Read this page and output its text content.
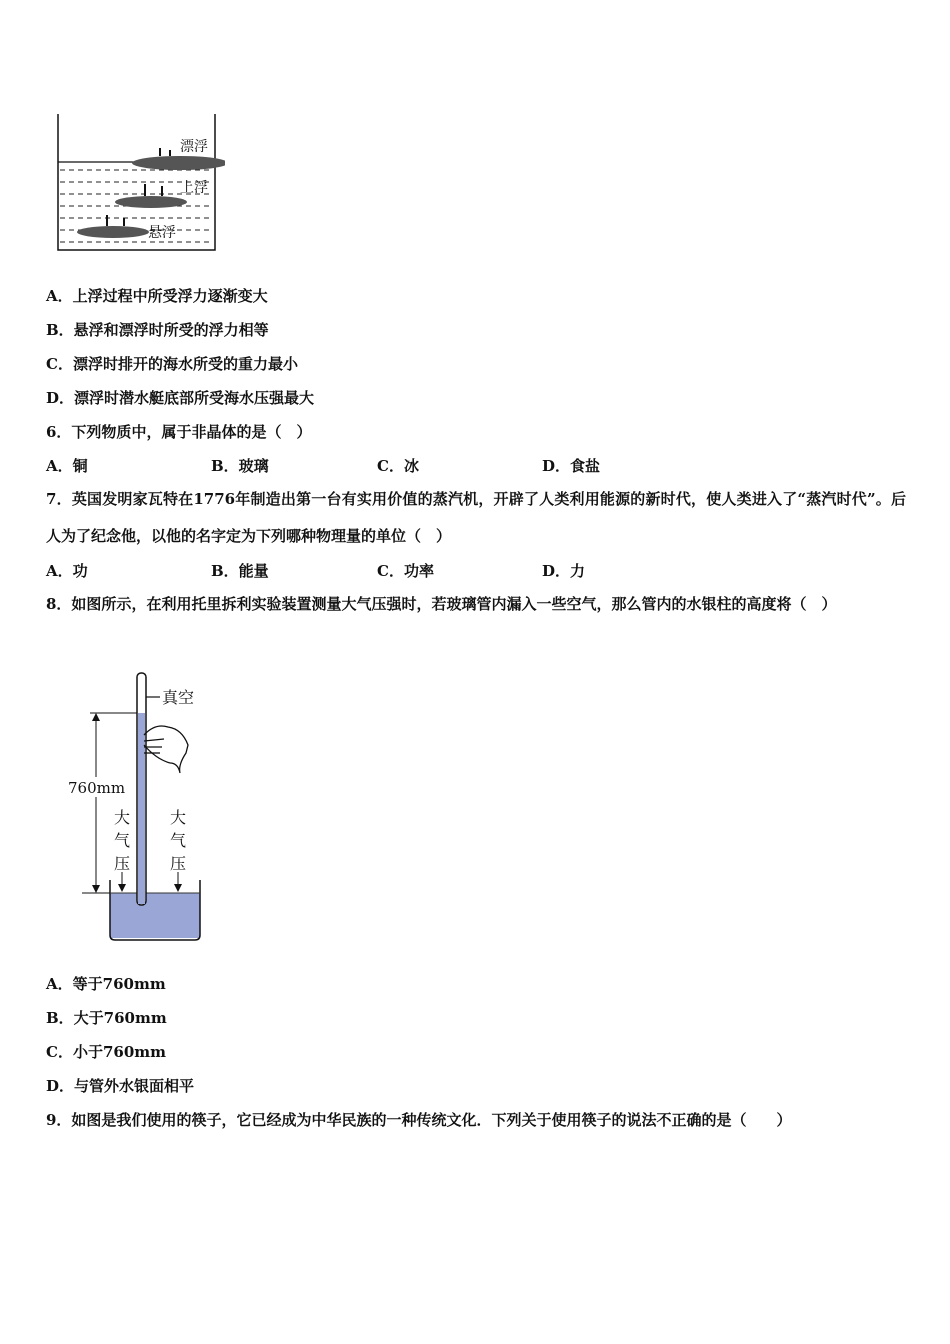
漂浮
上浮
悬浮
A．上浮过程中所受浮力逐渐变大
B．悬浮和漂浮时所受的浮力相等
C．漂浮时排开的海水所受的重力最小
D．漂浮时潜水艇底部所受海水压强最大
6．下列物质中，属于非晶体的是（　）
A．铜	B．玻璃	C．冰	D．食盐
7．英国发明家瓦特在1776年制造出第一台有实用价值的蒸汽机，开辟了人类利用能源的新时代，使人类进入了“蒸汽时代”。后人为了纪念他，以他的名字定为下列哪种物理量的单位（　）
A．功	B．能量	C．功率	D．力
8．如图所示，在利用托里拆利实验装置测量大气压强时，若玻璃管内漏入一些空气，那么管内的水银柱的高度将（　）
真空
760mm
大
气
压
大
气
压
A．等于760mm
B．大于760mm
C．小于760mm
D．与管外水银面相平
9．如图是我们使用的筷子，它已经成为中华民族的一种传统文化．下列关于使用筷子的说法不正确的是（　　）
